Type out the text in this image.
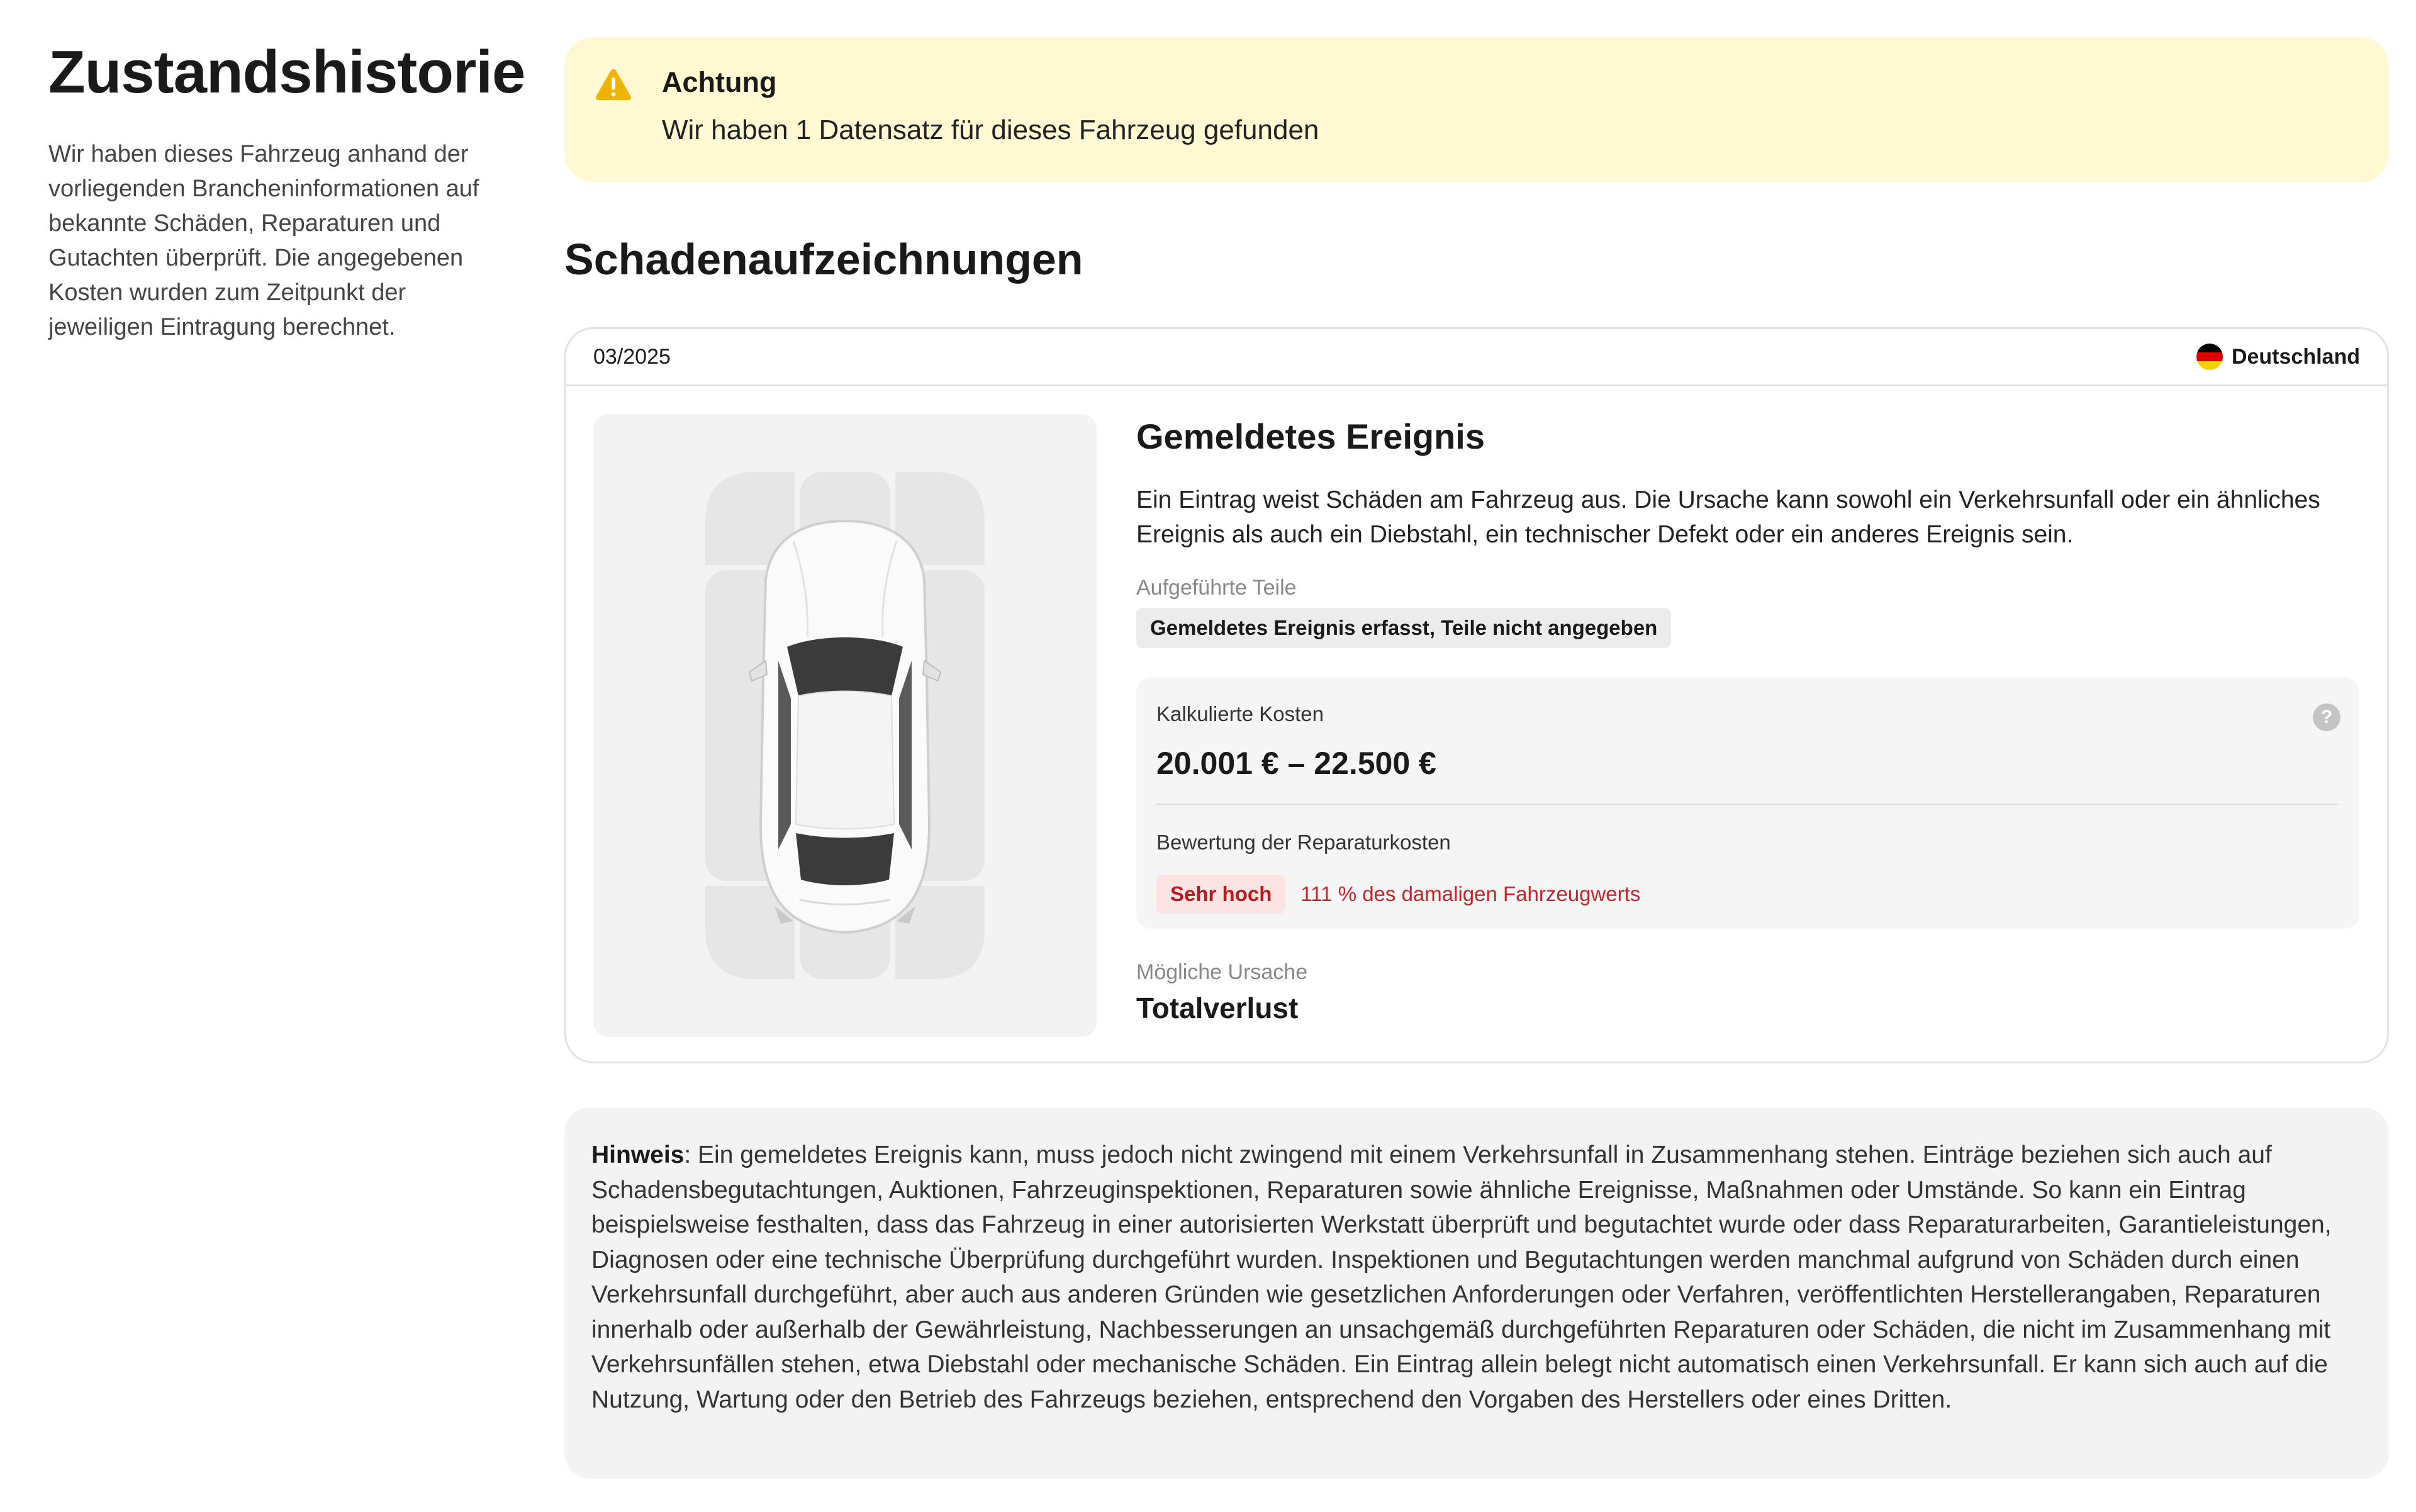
Zustandshistorie
Wir haben dieses Fahrzeug anhand der vorliegenden Brancheninformationen auf bekannte Schäden, Reparaturen und Gutachten überprüft. Die angegebenen Kosten wurden zum Zeitpunkt der jeweiligen Eintragung berechnet.
Achtung
Wir haben 1 Datensatz für dieses Fahrzeug gefunden
Schadenaufzeichnungen
03/2025	Deutschland
Gemeldetes Ereignis
Ein Eintrag weist Schäden am Fahrzeug aus. Die Ursache kann sowohl ein Verkehrsunfall oder ein ähnliches Ereignis als auch ein Diebstahl, ein technischer Defekt oder ein anderes Ereignis sein.
Aufgeführte Teile
Gemeldetes Ereignis erfasst, Teile nicht angegeben
Kalkulierte Kosten
20.001 € – 22.500 €
?
Bewertung der Reparaturkosten
Sehr hoch	111 % des damaligen Fahrzeugwerts
Mögliche Ursache
Totalverlust
Hinweis: Ein gemeldetes Ereignis kann, muss jedoch nicht zwingend mit einem Verkehrsunfall in Zusammenhang stehen. Einträge beziehen sich auch auf Schadensbegutachtungen, Auktionen, Fahrzeuginspektionen, Reparaturen sowie ähnliche Ereignisse, Maßnahmen oder Umstände. So kann ein Eintrag beispielsweise festhalten, dass das Fahrzeug in einer autorisierten Werkstatt überprüft und begutachtet wurde oder dass Reparaturarbeiten, Garantieleistungen, Diagnosen oder eine technische Überprüfung durchgeführt wurden. Inspektionen und Begutachtungen werden manchmal aufgrund von Schäden durch einen Verkehrsunfall durchgeführt, aber auch aus anderen Gründen wie gesetzlichen Anforderungen oder Verfahren, veröffentlichten Herstellerangaben, Reparaturen innerhalb oder außerhalb der Gewährleistung, Nachbesserungen an unsachgemäß durchgeführten Reparaturen oder Schäden, die nicht im Zusammenhang mit Verkehrsunfällen stehen, etwa Diebstahl oder mechanische Schäden. Ein Eintrag allein belegt nicht automatisch einen Verkehrsunfall. Er kann sich auch auf die Nutzung, Wartung oder den Betrieb des Fahrzeugs beziehen, entsprechend den Vorgaben des Herstellers oder eines Dritten.
